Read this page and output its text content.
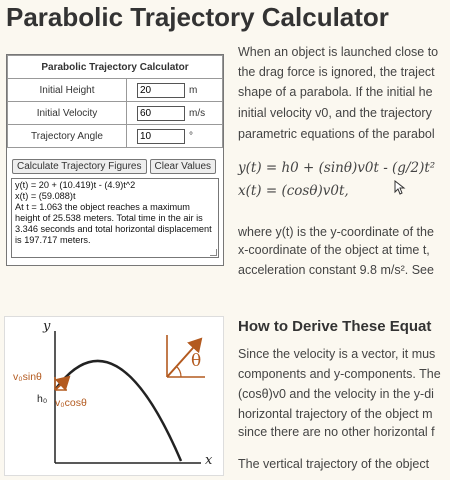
Parabolic Trajectory Calculator
Parabolic Trajectory Calculator	
Initial Height	20m
Initial Velocity	60m/s
Trajectory Angle	10°
Calculate Trajectory Figures Clear Values
y(t) = 20 + (10.419)t - (4.9)t^2
x(t) = (59.088)t
At t = 1.063 the object reaches a maximum height of 25.538 meters. Total time in the air is 3.346 seconds and total horizontal displacement is 197.717 meters.
When an object is launched close to
the drag force is ignored, the traject
shape of a parabola. If the initial he
initial velocity v0, and the trajectory
parametric equations of the parabol
y(t) = h0 + (sinθ)v0t - (g/2)t²
x(t) = (cosθ)v0t,
where y(t) is the y-coordinate of the
x-coordinate of the object at time t,
acceleration constant 9.8 m/s². See
y
x
θ
v₀sinθ
v₀cosθ
h₀
How to Derive These Equat
Since the velocity is a vector, it mus
components and y-components. The
(cosθ)v0 and the velocity in the y-di
horizontal trajectory of the object m
since there are no other horizontal f
The vertical trajectory of the object
